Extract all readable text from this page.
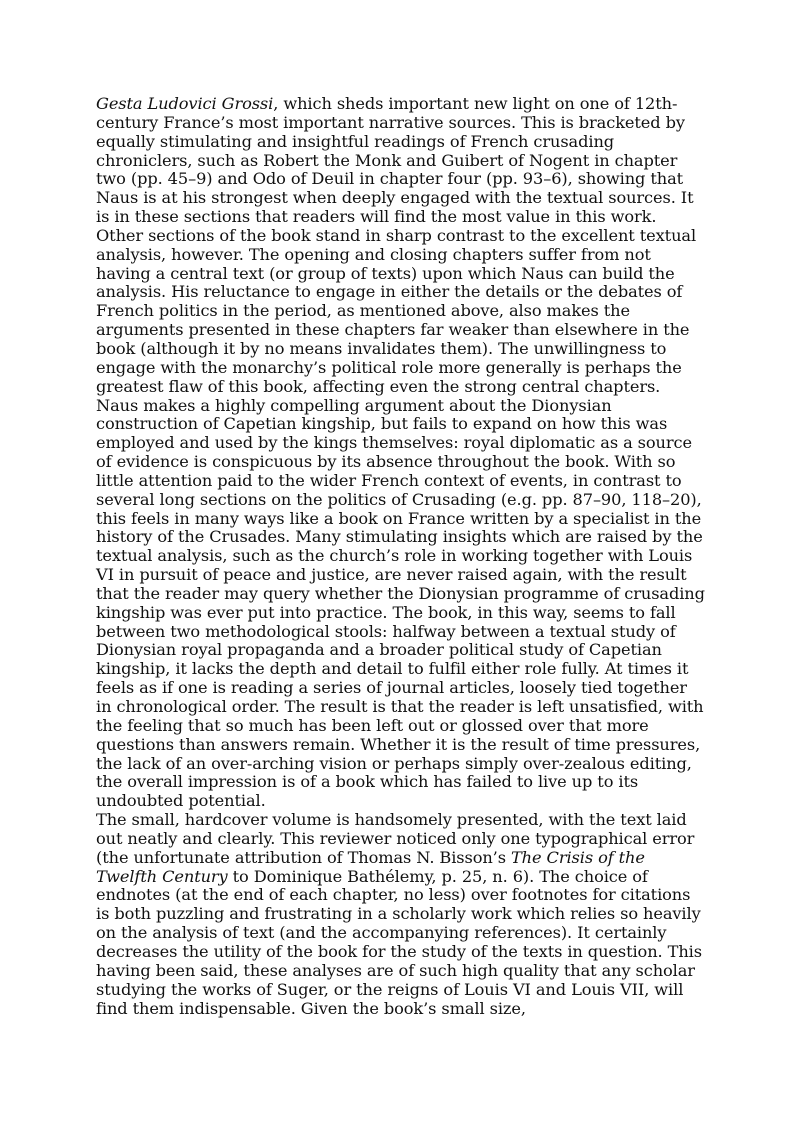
Gesta Ludovici Grossi, which sheds important new light on one of 12th-century France’s most important narrative sources. This is bracketed by equally stimulating and insightful readings of French crusading chroniclers, such as Robert the Monk and Guibert of Nogent in chapter two (pp. 45–9) and Odo of Deuil in chapter four (pp. 93–6), showing that Naus is at his strongest when deeply engaged with the textual sources. It is in these sections that readers will find the most value in this work.

Other sections of the book stand in sharp contrast to the excellent textual analysis, however. The opening and closing chapters suffer from not having a central text (or group of texts) upon which Naus can build the analysis. His reluctance to engage in either the details or the debates of French politics in the period, as mentioned above, also makes the arguments presented in these chapters far weaker than elsewhere in the book (although it by no means invalidates them). The unwillingness to engage with the monarchy’s political role more generally is perhaps the greatest flaw of this book, affecting even the strong central chapters.

Naus makes a highly compelling argument about the Dionysian construction of Capetian kingship, but fails to expand on how this was employed and used by the kings themselves: royal diplomatic as a source of evidence is conspicuous by its absence throughout the book. With so little attention paid to the wider French context of events, in contrast to several long sections on the politics of Crusading (e.g. pp. 87–90, 118–20), this feels in many ways like a book on France written by a specialist in the history of the Crusades. Many stimulating insights which are raised by the textual analysis, such as the church’s role in working together with Louis VI in pursuit of peace and justice, are never raised again, with the result that the reader may query whether the Dionysian programme of crusading kingship was ever put into practice. The book, in this way, seems to fall between two methodological stools: halfway between a textual study of Dionysian royal propaganda and a broader political study of Capetian kingship, it lacks the depth and detail to fulfil either role fully. At times it feels as if one is reading a series of journal articles, loosely tied together in chronological order. The result is that the reader is left unsatisfied, with the feeling that so much has been left out or glossed over that more questions than answers remain. Whether it is the result of time pressures, the lack of an over-arching vision or perhaps simply over-zealous editing, the overall impression is of a book which has failed to live up to its undoubted potential.

The small, hardcover volume is handsomely presented, with the text laid out neatly and clearly. This reviewer noticed only one typographical error (the unfortunate attribution of Thomas N. Bisson’s The Crisis of the Twelfth Century to Dominique Bathélemy, p. 25, n. 6). The choice of endnotes (at the end of each chapter, no less) over footnotes for citations is both puzzling and frustrating in a scholarly work which relies so heavily on the analysis of text (and the accompanying references). It certainly decreases the utility of the book for the study of the texts in question. This having been said, these analyses are of such high quality that any scholar studying the works of Suger, or the reigns of Louis VI and Louis VII, will find them indispensable. Given the book’s small size,
